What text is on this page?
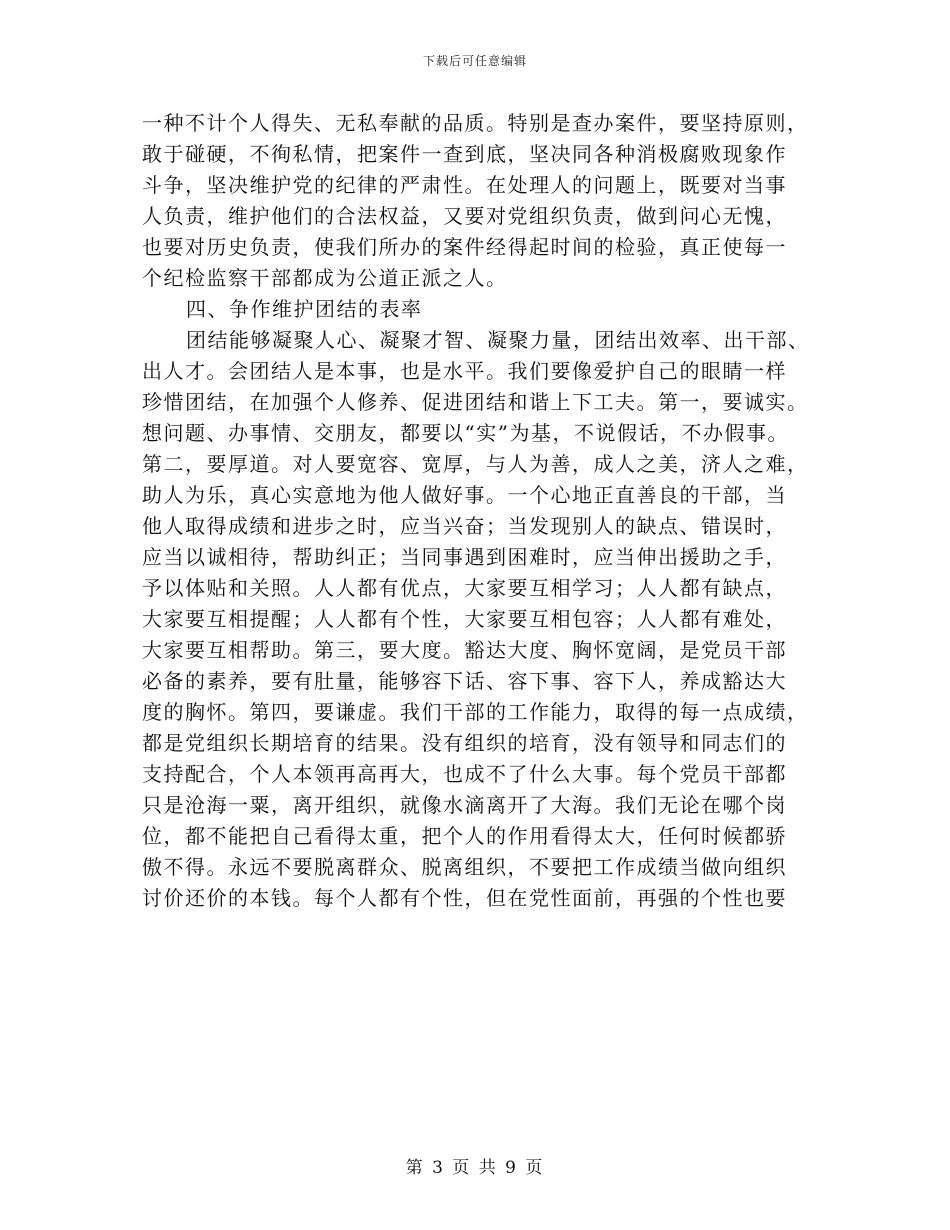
下载后可任意编辑
一种不计个人得失、无私奉献的品质。特别是查办案件，要坚持原则，
敢于碰硬，不徇私情，把案件一查到底，坚决同各种消极腐败现象作
斗争，坚决维护党的纪律的严肃性。在处理人的问题上，既要对当事
人负责，维护他们的合法权益，又要对党组织负责，做到问心无愧，
也要对历史负责，使我们所办的案件经得起时间的检验，真正使每一
个纪检监察干部都成为公道正派之人。
四、争作维护团结的表率
团结能够凝聚人心、凝聚才智、凝聚力量，团结出效率、出干部、
出人才。会团结人是本事，也是水平。我们要像爱护自己的眼睛一样
珍惜团结，在加强个人修养、促进团结和谐上下工夫。第一，要诚实。
想问题、办事情、交朋友，都要以“实”为基，不说假话，不办假事。
第二，要厚道。对人要宽容、宽厚，与人为善，成人之美，济人之难，
助人为乐，真心实意地为他人做好事。一个心地正直善良的干部，当
他人取得成绩和进步之时，应当兴奋；当发现别人的缺点、错误时，
应当以诚相待，帮助纠正；当同事遇到困难时，应当伸出援助之手，
予以体贴和关照。人人都有优点，大家要互相学习；人人都有缺点，
大家要互相提醒；人人都有个性，大家要互相包容；人人都有难处，
大家要互相帮助。第三，要大度。豁达大度、胸怀宽阔，是党员干部
必备的素养，要有肚量，能够容下话、容下事、容下人，养成豁达大
度的胸怀。第四，要谦虚。我们干部的工作能力，取得的每一点成绩，
都是党组织长期培育的结果。没有组织的培育，没有领导和同志们的
支持配合，个人本领再高再大，也成不了什么大事。每个党员干部都
只是沧海一粟，离开组织，就像水滴离开了大海。我们无论在哪个岗
位，都不能把自己看得太重，把个人的作用看得太大，任何时候都骄
傲不得。永远不要脱离群众、脱离组织，不要把工作成绩当做向组织
讨价还价的本钱。每个人都有个性，但在党性面前，再强的个性也要
第 3 页 共 9 页
